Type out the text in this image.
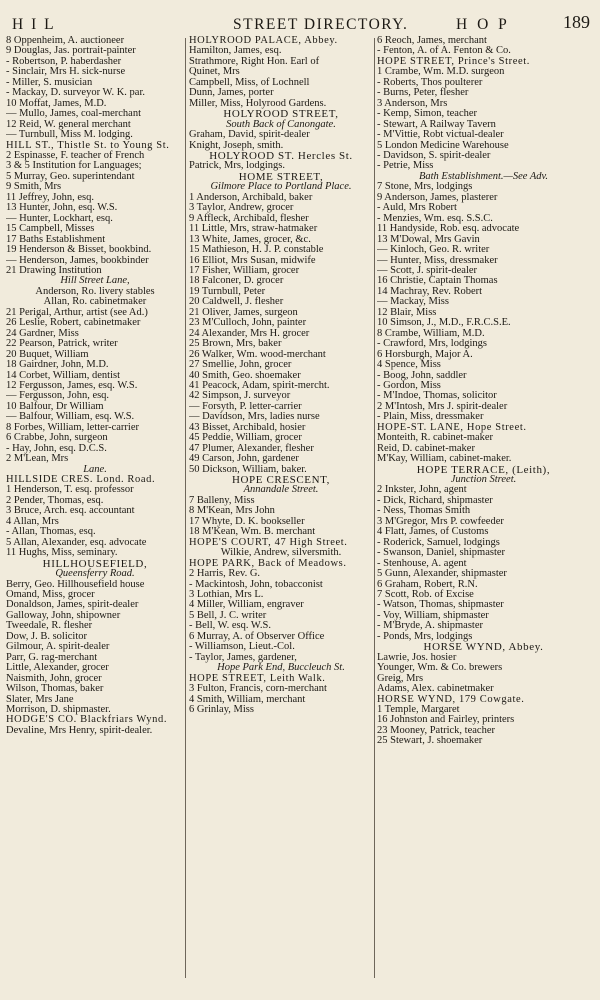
H I L	STREET DIRECTORY.	H O P	189
8 Oppenheim, A. auctioneer
9 Douglas, Jas. portrait-painter
- Robertson, P. haberdasher
- Sinclair, Mrs H. sick-nurse
- Miller, S. musician
- Mackay, D. surveyor W. K. par.
10 Moffat, James, M.D.
— Mullo, James, coal-merchant
12 Reid, W. general merchant
— Turnbull, Miss M. lodging.
HILL ST., Thistle St. to Young St.
2 Espinasse, F. teacher of French
3 & 5 Institution for Languages;
5 Murray, Geo. superintendant
9 Smith, Mrs
11 Jeffrey, John, esq.
13 Hunter, John, esq. W.S.
— Hunter, Lockhart, esq.
15 Campbell, Misses
17 Baths Establishment
19 Henderson & Bisset, bookbind.
— Henderson, James, bookbinder
21 Drawing Institution
Hill Street Lane,
Anderson, Ro. livery stables
Allan, Ro. cabinetmaker
21 Perigal, Arthur, artist (see Ad.)
26 Leslie, Robert, cabinetmaker
24 Gardner, Miss
22 Pearson, Patrick, writer
20 Buquet, William
18 Gairdner, John, M.D.
14 Corbet, William, dentist
12 Fergusson, James, esq. W.S.
— Fergusson, John, esq.
10 Balfour, Dr William
— Balfour, William, esq. W.S.
8 Forbes, William, letter-carrier
6 Crabbe, John, surgeon
- Hay, John, esq. D.C.S.
2 M'Lean, Mrs
Lane.
HILLSIDE CRES. Lond. Road.
1 Henderson, T. esq. professor
2 Pender, Thomas, esq.
3 Bruce, Arch. esq. accountant
4 Allan, Mrs
- Allan, Thomas, esq.
5 Allan, Alexander, esq. advocate
11 Hughs, Miss, seminary.
HILLHOUSEFIELD,
Queensferry Road.
Berry, Geo. Hillhousefield house
Omand, Miss, grocer
Donaldson, James, spirit-dealer
Galloway, John, shipowner
Tweedale, R. flesher
Dow, J. B. solicitor
Gilmour, A. spirit-dealer
Parr, G. rag-merchant
Little, Alexander, grocer
Naismith, John, grocer
Wilson, Thomas, baker
Slater, Mrs Jane
Morrison, D. shipmaster.
HODGE'S CO. Blackfriars Wynd.
Devaline, Mrs Henry, spirit-dealer.
HOLYROOD PALACE, Abbey.
Hamilton, James, esq.
Strathmore, Right Hon. Earl of
Quinet, Mrs
Campbell, Miss, of Lochnell
Dunn, James, porter
Miller, Miss, Holyrood Gardens.
HOLYROOD STREET,
South Back of Canongate.
Graham, David, spirit-dealer
Knight, Joseph, smith.
HOLYROOD ST. Hercles St.
Patrick, Mrs, lodgings.
HOME STREET,
Gilmore Place to Portland Place.
1 Anderson, Archibald, baker
3 Taylor, Andrew, grocer
9 Affleck, Archibald, flesher
11 Little, Mrs, straw-hatmaker
13 White, James, grocer, &c.
15 Mathieson, H. J. P. constable
16 Elliot, Mrs Susan, midwife
17 Fisher, William, grocer
18 Falconer, D. grocer
19 Turnbull, Peter
20 Caldwell, J. flesher
21 Oliver, James, surgeon
23 M'Culloch, John, painter
24 Alexander, Mrs H. grocer
25 Brown, Mrs, baker
26 Walker, Wm. wood-merchant
27 Smellie, John, grocer
40 Smith, Geo. shoemaker
41 Peacock, Adam, spirit-mercht.
42 Simpson, J. surveyor
— Forsyth, P. letter-carrier
— Davidson, Mrs, ladies nurse
43 Bisset, Archibald, hosier
45 Peddie, William, grocer
47 Plumer, Alexander, flesher
49 Carson, John, gardener
50 Dickson, William, baker.
HOPE CRESCENT,
Annandale Street.
7 Balleny, Miss
8 M'Kean, Mrs John
17 Whyte, D. K. bookseller
18 M'Kean, Wm. B. merchant
HOPE'S COURT, 47 High Street.
Wilkie, Andrew, silversmith.
HOPE PARK, Back of Meadows.
2 Harris, Rev. G.
- Mackintosh, John, tobacconist
3 Lothian, Mrs L.
4 Miller, William, engraver
5 Bell, J. C. writer
- Bell, W. esq. W.S.
6 Murray, A. of Observer Office
- Williamson, Lieut.-Col.
- Taylor, James, gardener,
Hope Park End, Buccleuch St.
HOPE STREET, Leith Walk.
3 Fulton, Francis, corn-merchant
4 Smith, William, merchant
6 Grinlay, Miss
6 Reoch, James, merchant
- Fenton, A. of A. Fenton & Co.
HOPE STREET, Prince's Street.
1 Crambe, Wm. M.D. surgeon
- Roberts, Thos poulterer
- Burns, Peter, flesher
3 Anderson, Mrs
- Kemp, Simon, teacher
- Stewart, A Railway Tavern
- M'Vittie, Robt victual-dealer
5 London Medicine Warehouse
- Davidson, S. spirit-dealer
- Petrie, Miss
Bath Establishment.—See Adv.
7 Stone, Mrs, lodgings
9 Anderson, James, plasterer
- Auld, Mrs Robert
- Menzies, Wm. esq. S.S.C.
11 Handyside, Rob. esq. advocate
13 M'Dowal, Mrs Gavin
— Kinloch, Geo. R. writer
— Hunter, Miss, dressmaker
— Scott, J. spirit-dealer
16 Christie, Captain Thomas
14 Machray, Rev. Robert
— Mackay, Miss
12 Blair, Miss
10 Simson, J., M.D., F.R.C.S.E.
8 Crambe, William, M.D.
- Crawford, Mrs, lodgings
6 Horsburgh, Major A.
4 Spence, Miss
- Boog, John, saddler
- Gordon, Miss
- M'Indoe, Thomas, solicitor
2 M'Intosh, Mrs J. spirit-dealer
- Plain, Miss, dressmaker
HOPE-ST. LANE, Hope Street.
Monteith, R. cabinet-maker
Reid, D. cabinet-maker
M'Kay, William, cabinet-maker.
HOPE TERRACE, (Leith),
Junction Street.
2 Inkster, John, agent
- Dick, Richard, shipmaster
- Ness, Thomas Smith
3 M'Gregor, Mrs P. cowfeeder
4 Flatt, James, of Customs
- Roderick, Samuel, lodgings
- Swanson, Daniel, shipmaster
- Stenhouse, A. agent
5 Gunn, Alexander, shipmaster
6 Graham, Robert, R.N.
7 Scott, Rob. of Excise
- Watson, Thomas, shipmaster
- Voy, William, shipmaster
- M'Bryde, A. shipmaster
- Ponds, Mrs, lodgings
HORSE WYND, Abbey.
Lawrie, Jos. hosier
Younger, Wm. & Co. brewers
Greig, Mrs
Adams, Alex. cabinetmaker
HORSE WYND, 179 Cowgate.
1 Temple, Margaret
16 Johnston and Fairley, printers
23 Mooney, Patrick, teacher
25 Stewart, J. shoemaker
